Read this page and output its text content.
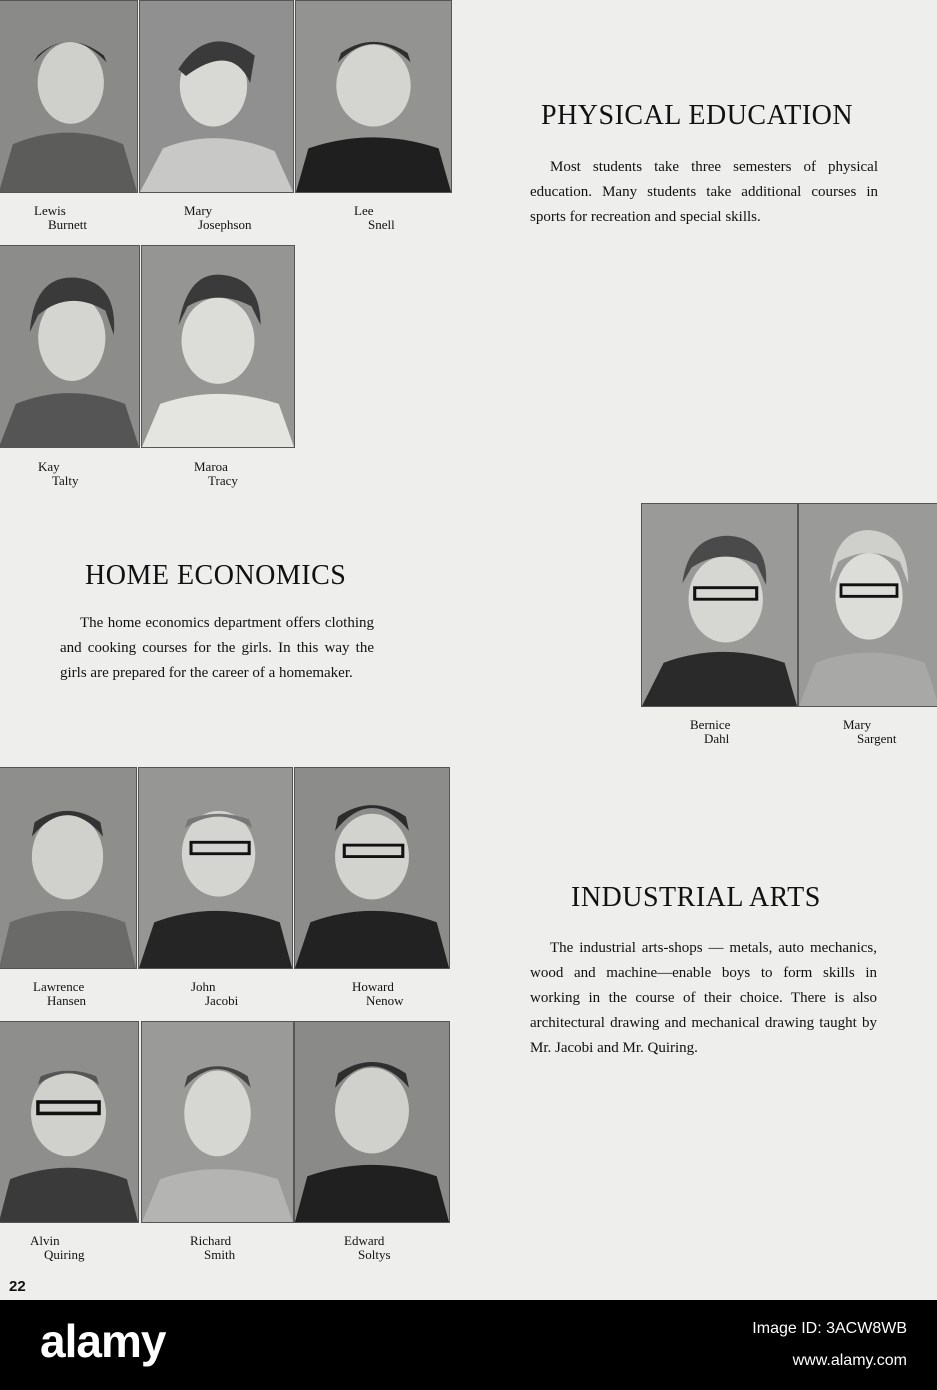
Lewis
Burnett
Mary
Josephson
Lee
Snell
Kay
Talty
Maroa
Tracy
PHYSICAL EDUCATION
Most students take three semesters of physical education. Many students take additional courses in sports for recreation and special skills.
HOME ECONOMICS
The home economics department offers clothing and cooking courses for the girls. In this way the girls are prepared for the career of a homemaker.
Bernice
Dahl
Mary
Sargent
Lawrence
Hansen
John
Jacobi
Howard
Nenow
Alvin
Quiring
Richard
Smith
Edward
Soltys
INDUSTRIAL ARTS
The industrial arts-shops — metals, auto mechanics, wood and machine—enable boys to form skills in working in the course of their choice. There is also architectural drawing and mechanical drawing taught by Mr. Jacobi and Mr. Quiring.
22
alamy	Image ID: 3ACW8WB
www.alamy.com
